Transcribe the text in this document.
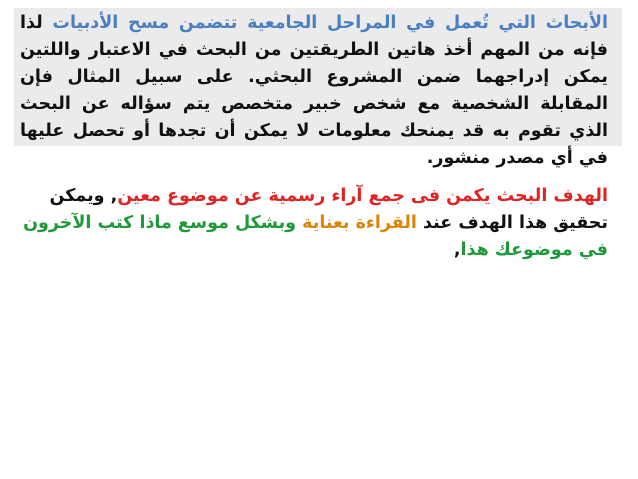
الأبحاث التي تُعمل في المراحل الجامعية تتضمن مسح الأدبيات لذا فإنه من المهم أخذ هاتين الطريقتين من البحث في الاعتبار واللتين يمكن إدراجهما ضمن المشروع البحثي. على سبيل المثال فإن المقابلة الشخصية مع شخص خبير متخصص يتم سؤاله عن البحث الذي تقوم به قد يمنحك معلومات لا يمكن أن تجدها أو تحصل عليها في أي مصدر منشور.
الهدف البحث يكمن فى جمع آراء رسمية عن موضوع معين, ويمكن تحقيق هذا الهدف عند القراءة بعناية وبشكل موسع ماذا كتب الآخرون في موضوعك هذا,
